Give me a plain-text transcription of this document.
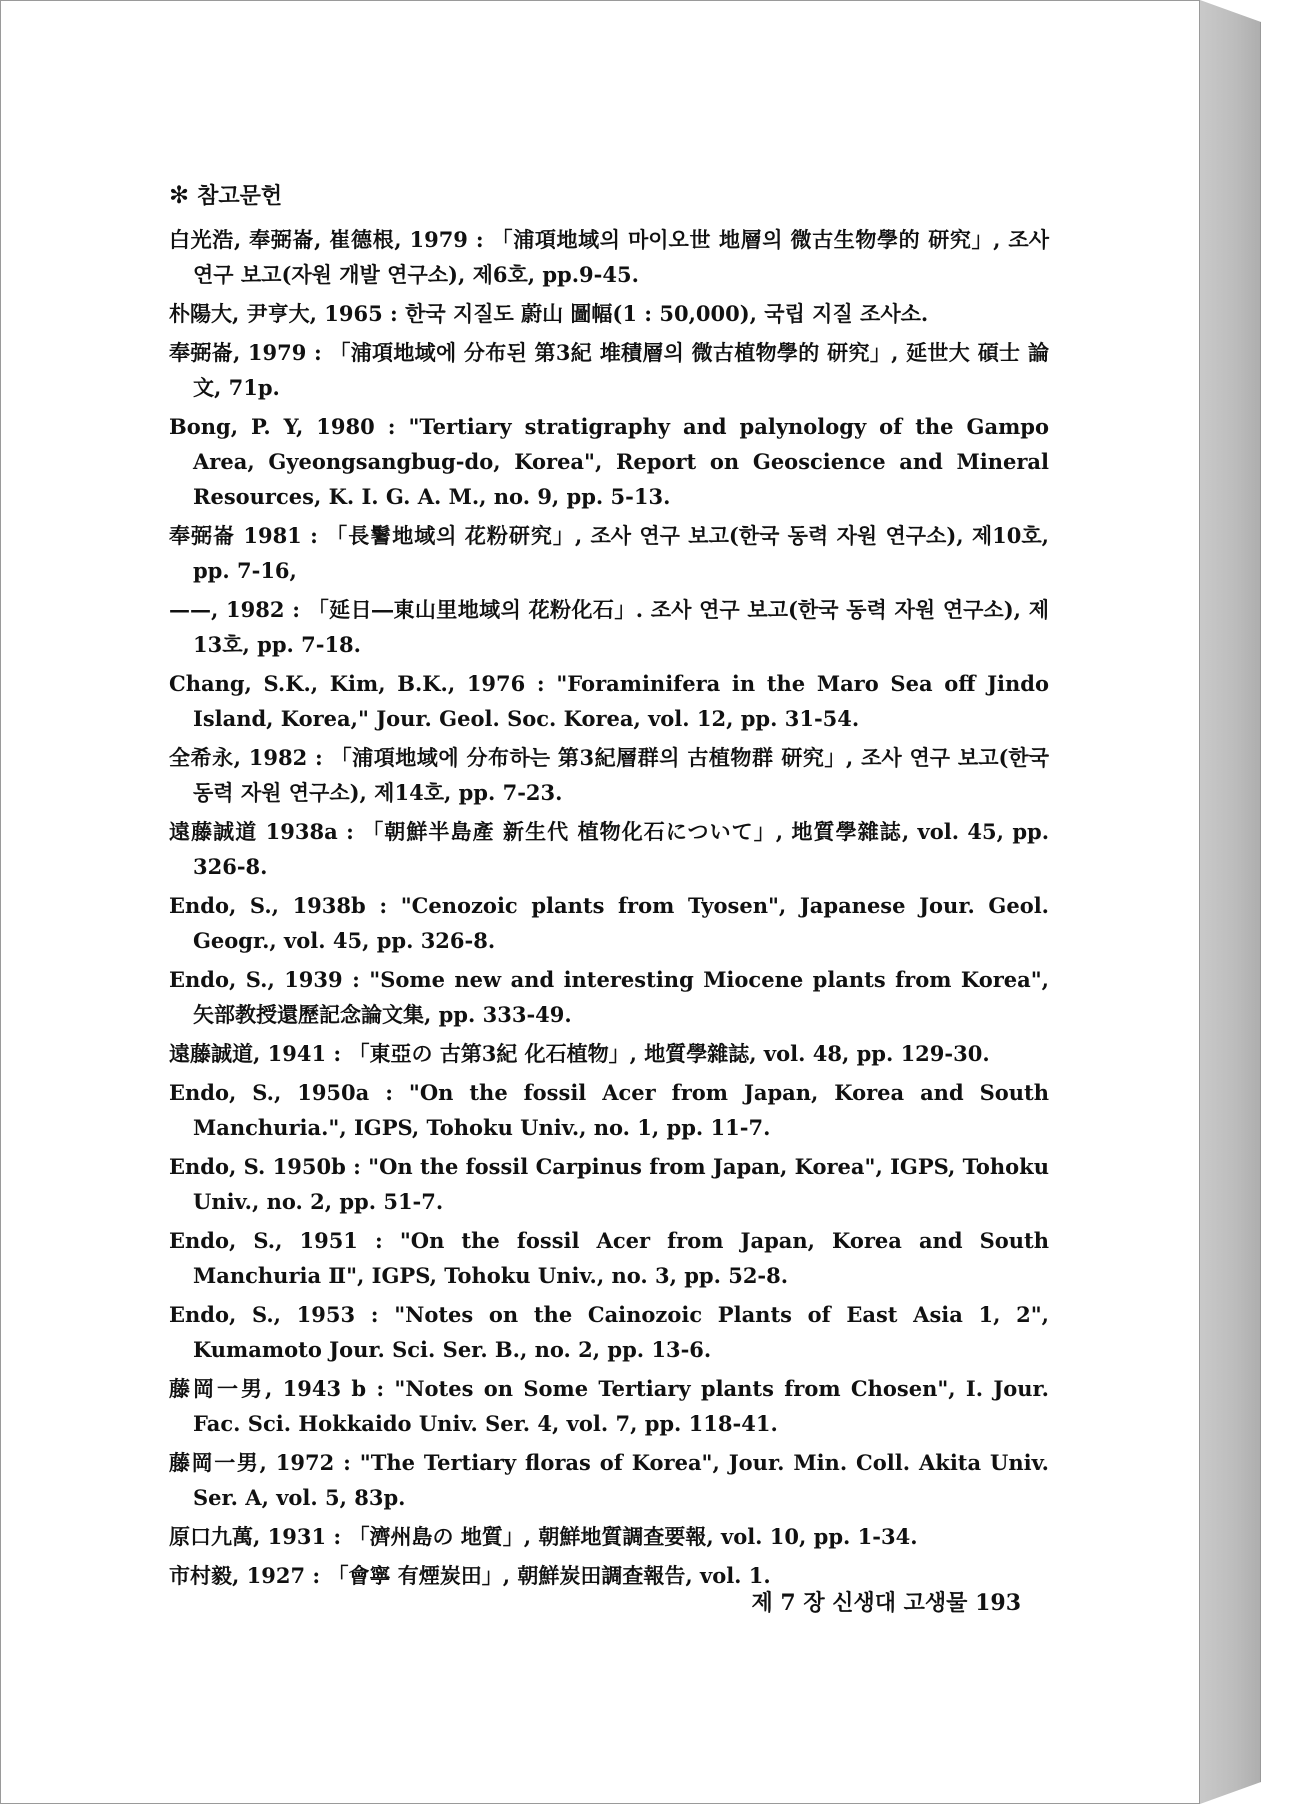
✻ 참고문헌

白光浩, 奉弼崙, 崔德根, 1979 : 「浦項地域의 마이오世 地層의 微古生物學的 研究」, 조사 연구 보고(자원 개발 연구소), 제6호, pp.9-45.

朴陽大, 尹亨大, 1965 : 한국 지질도 蔚山 圖幅(1 : 50,000), 국립 지질 조사소.

奉弼崙, 1979 : 「浦項地域에 分布된 第3紀 堆積層의 微古植物學的 研究」, 延世大 碩士 論文, 71p.

Bong, P. Y, 1980 : "Tertiary stratigraphy and palynology of the Gampo Area, Gyeongsangbug-do, Korea", Report on Geoscience and Mineral Resources, K. I. G. A. M., no. 9, pp. 5-13.

奉弼崙 1981 : 「長鬐地域의 花粉研究」, 조사 연구 보고(한국 동력 자원 연구소), 제10호, pp. 7-16,

——, 1982 : 「延日―東山里地域의 花粉化石」. 조사 연구 보고(한국 동력 자원 연구소), 제13호, pp. 7-18.

Chang, S.K., Kim, B.K., 1976 : "Foraminifera in the Maro Sea off Jindo Island, Korea," Jour. Geol. Soc. Korea, vol. 12, pp. 31-54.

全希永, 1982 : 「浦項地域에 分布하는 第3紀層群의 古植物群 研究」, 조사 연구 보고(한국 동력 자원 연구소), 제14호, pp. 7-23.

遠藤誠道 1938a : 「朝鮮半島產 新生代 植物化石について」, 地質學雜誌, vol. 45, pp. 326-8.

Endo, S., 1938b : "Cenozoic plants from Tyosen", Japanese Jour. Geol. Geogr., vol. 45, pp. 326-8.

Endo, S., 1939 : "Some new and interesting Miocene plants from Korea", 矢部教授還歷記念論文集, pp. 333-49.

遠藤誠道, 1941 : 「東亞の 古第3紀 化石植物」, 地質學雜誌, vol. 48, pp. 129-30.

Endo, S., 1950a : "On the fossil Acer from Japan, Korea and South Manchuria.", IGPS, Tohoku Univ., no. 1, pp. 11-7.

Endo, S. 1950b : "On the fossil Carpinus from Japan, Korea", IGPS, Tohoku Univ., no. 2, pp. 51-7.

Endo, S., 1951 : "On the fossil Acer from Japan, Korea and South Manchuria Ⅱ", IGPS, Tohoku Univ., no. 3, pp. 52-8.

Endo, S., 1953 : "Notes on the Cainozoic Plants of East Asia 1, 2", Kumamoto Jour. Sci. Ser. B., no. 2, pp. 13-6.

藤岡一男, 1943 b : "Notes on Some Tertiary plants from Chosen", I. Jour. Fac. Sci. Hokkaido Univ. Ser. 4, vol. 7, pp. 118-41.

藤岡一男, 1972 : "The Tertiary floras of Korea", Jour. Min. Coll. Akita Univ. Ser. A, vol. 5, 83p.

原口九萬, 1931 : 「濟州島の 地質」, 朝鮮地質調查要報, vol. 10, pp. 1-34.

市村毅, 1927 : 「會寧 有煙炭田」, 朝鮮炭田調查報告, vol. 1.

제 7 장 신생대 고생물 193
